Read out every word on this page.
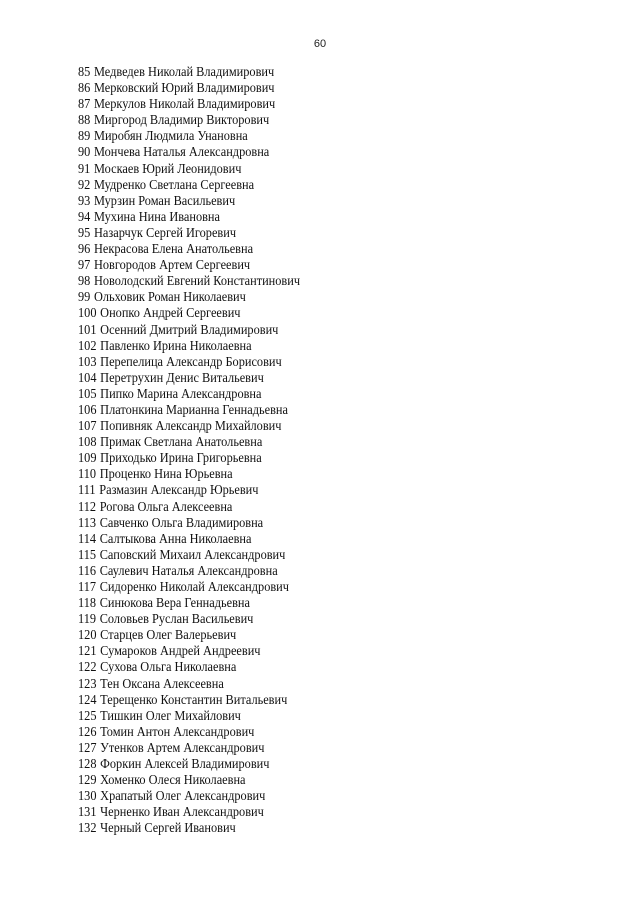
60
85 Медведев Николай Владимирович
86 Мерковский Юрий Владимирович
87 Меркулов Николай Владимирович
88 Миргород Владимир Викторович
89 Миробян Людмила Унановна
90 Мончева Наталья Александровна
91 Москаев Юрий Леонидович
92 Мудренко Светлана Сергеевна
93 Мурзин Роман Васильевич
94 Мухина Нина Ивановна
95 Назарчук Сергей Игоревич
96 Некрасова Елена Анатольевна
97 Новгородов Артем Сергеевич
98 Новолодский Евгений Константинович
99 Ольховик Роман Николаевич
100 Онопко Андрей Сергеевич
101 Осенний Дмитрий Владимирович
102 Павленко Ирина Николаевна
103 Перепелица Александр Борисович
104 Перетрухин Денис Витальевич
105 Пипко Марина Александровна
106 Платонкина Марианна Геннадьевна
107 Попивняк Александр Михайлович
108 Примак Светлана Анатольевна
109 Приходько Ирина Григорьевна
110 Проценко Нина Юрьевна
111 Размазин Александр Юрьевич
112 Рогова Ольга Алексеевна
113 Савченко Ольга Владимировна
114 Салтыкова Анна Николаевна
115 Саповский Михаил Александрович
116 Саулевич Наталья Александровна
117 Сидоренко Николай Александрович
118 Синюкова Вера Геннадьевна
119 Соловьев Руслан Васильевич
120 Старцев Олег Валерьевич
121 Сумароков Андрей Андреевич
122 Сухова Ольга Николаевна
123 Тен Оксана Алексеевна
124 Терещенко Константин Витальевич
125 Тишкин Олег Михайлович
126 Томин Антон Александрович
127 Утенков Артем Александрович
128 Форкин Алексей Владимирович
129 Хоменко Олеся Николаевна
130 Храпатый Олег Александрович
131 Черненко Иван Александрович
132 Черный Сергей Иванович
